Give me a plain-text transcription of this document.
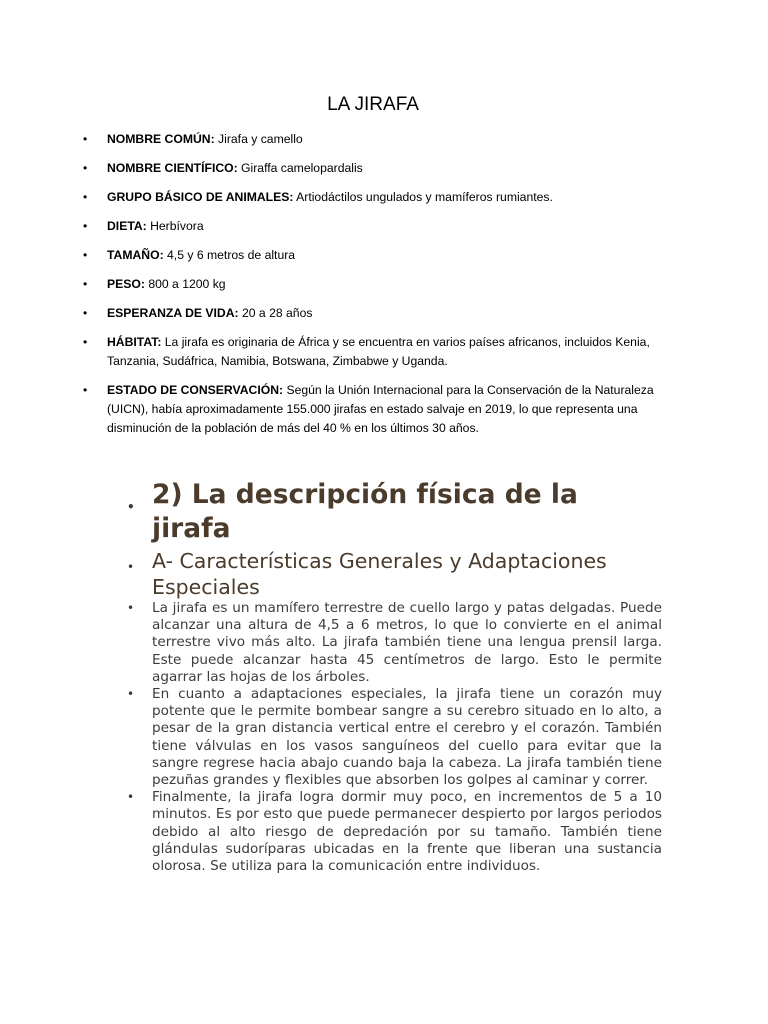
LA JIRAFA
• NOMBRE COMÚN: Jirafa y camello
• NOMBRE CIENTÍFICO: Giraffa camelopardalis
• GRUPO BÁSICO DE ANIMALES: Artiodáctilos ungulados y mamíferos rumiantes.
• DIETA: Herbívora
• TAMAÑO: 4,5 y 6 metros de altura
• PESO: 800 a 1200 kg
• ESPERANZA DE VIDA: 20 a 28 años
• HÁBITAT: La jirafa es originaria de África y se encuentra en varios países africanos, incluidos Kenia, Tanzania, Sudáfrica, Namibia, Botswana, Zimbabwe y Uganda.
• ESTADO DE CONSERVACIÓN: Según la Unión Internacional para la Conservación de la Naturaleza (UICN), había aproximadamente 155.000 jirafas en estado salvaje en 2019, lo que representa una disminución de la población de más del 40 % en los últimos 30 años.
• 2) La descripción física de la jirafa
• A- Características Generales y Adaptaciones Especiales
• La jirafa es un mamífero terrestre de cuello largo y patas delgadas. Puede alcanzar una altura de 4,5 a 6 metros, lo que lo convierte en el animal terrestre vivo más alto. La jirafa también tiene una lengua prensil larga. Este puede alcanzar hasta 45 centímetros de largo. Esto le permite agarrar las hojas de los árboles.
• En cuanto a adaptaciones especiales, la jirafa tiene un corazón muy potente que le permite bombear sangre a su cerebro situado en lo alto, a pesar de la gran distancia vertical entre el cerebro y el corazón. También tiene válvulas en los vasos sanguíneos del cuello para evitar que la sangre regrese hacia abajo cuando baja la cabeza. La jirafa también tiene pezuñas grandes y flexibles que absorben los golpes al caminar y correr.
• Finalmente, la jirafa logra dormir muy poco, en incrementos de 5 a 10 minutos. Es por esto que puede permanecer despierto por largos periodos debido al alto riesgo de depredación por su tamaño. También tiene glándulas sudoríparas ubicadas en la frente que liberan una sustancia olorosa. Se utiliza para la comunicación entre individuos.
